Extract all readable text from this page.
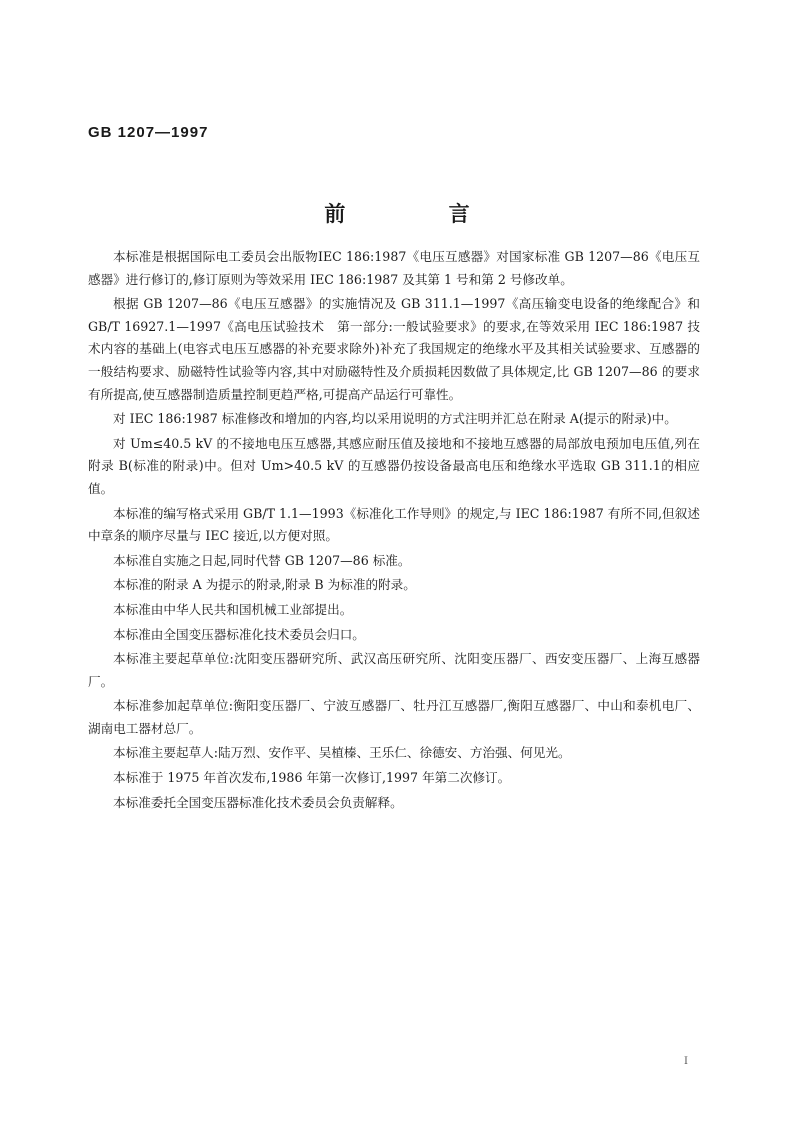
GB 1207—1997
前 言

本标准是根据国际电工委员会出版物IEC 186:1987《电压互感器》对国家标准 GB 1207—86《电压互感器》进行修订的,修订原则为等效采用 IEC 186:1987 及其第 1 号和第 2 号修改单。

根据 GB 1207—86《电压互感器》的实施情况及 GB 311.1—1997《高压输变电设备的绝缘配合》和 GB/T 16927.1—1997《高电压试验技术　第一部分:一般试验要求》的要求,在等效采用 IEC 186:1987 技术内容的基础上(电容式电压互感器的补充要求除外)补充了我国规定的绝缘水平及其相关试验要求、互感器的一般结构要求、励磁特性试验等内容,其中对励磁特性及介质损耗因数做了具体规定,比 GB 1207—86 的要求有所提高,使互感器制造质量控制更趋严格,可提高产品运行可靠性。

对 IEC 186:1987 标准修改和增加的内容,均以采用说明的方式注明并汇总在附录 A(提示的附录)中。

对 Um≤40.5 kV 的不接地电压互感器,其感应耐压值及接地和不接地互感器的局部放电预加电压值,列在附录 B(标准的附录)中。但对 Um>40.5 kV 的互感器仍按设备最高电压和绝缘水平选取 GB 311.1的相应值。

本标准的编写格式采用 GB/T 1.1—1993《标准化工作导则》的规定,与 IEC 186:1987 有所不同,但叙述中章条的顺序尽量与 IEC 接近,以方便对照。

本标准自实施之日起,同时代替 GB 1207—86 标准。

本标准的附录 A 为提示的附录,附录 B 为标准的附录。

本标准由中华人民共和国机械工业部提出。

本标准由全国变压器标准化技术委员会归口。

本标准主要起草单位:沈阳变压器研究所、武汉高压研究所、沈阳变压器厂、西安变压器厂、上海互感器厂。

本标准参加起草单位:衡阳变压器厂、宁波互感器厂、牡丹江互感器厂,衡阳互感器厂、中山和泰机电厂、湖南电工器材总厂。

本标准主要起草人:陆万烈、安作平、吴植榛、王乐仁、徐德安、方治强、何见光。

本标准于 1975 年首次发布,1986 年第一次修订,1997 年第二次修订。

本标准委托全国变压器标准化技术委员会负责解释。

I
